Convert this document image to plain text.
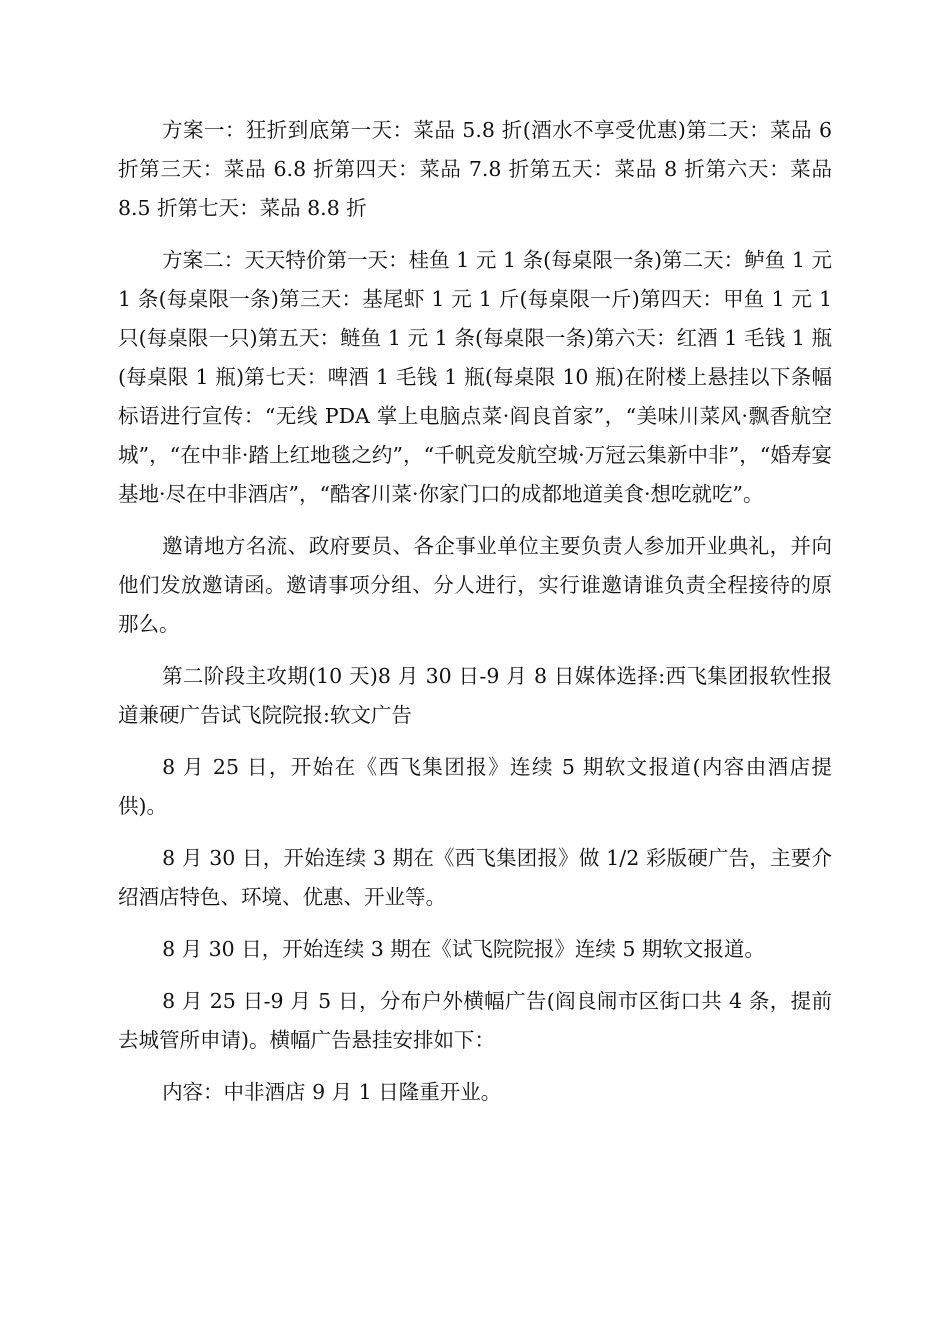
方案一：狂折到底第一天：菜品 5.8 折(酒水不享受优惠)第二天：菜品 6 折第三天：菜品 6.8 折第四天：菜品 7.8 折第五天：菜品 8 折第六天：菜品 8.5 折第七天：菜品 8.8 折

方案二：天天特价第一天：桂鱼 1 元 1 条(每桌限一条)第二天：鲈鱼 1 元 1 条(每桌限一条)第三天：基尾虾 1 元 1 斤(每桌限一斤)第四天：甲鱼 1 元 1 只(每桌限一只)第五天：鲢鱼 1 元 1 条(每桌限一条)第六天：红酒 1 毛钱 1 瓶(每桌限 1 瓶)第七天：啤酒 1 毛钱 1 瓶(每桌限 10 瓶)在附楼上悬挂以下条幅标语进行宣传：“无线 PDA 掌上电脑点菜·阎良首家”，“美味川菜风·飘香航空城”，“在中非·踏上红地毯之约”，“千帆竞发航空城·万冠云集新中非”，“婚寿宴基地·尽在中非酒店”，“酷客川菜·你家门口的成都地道美食·想吃就吃”。

邀请地方名流、政府要员、各企事业单位主要负责人参加开业典礼，并向他们发放邀请函。邀请事项分组、分人进行，实行谁邀请谁负责全程接待的原那么。

第二阶段主攻期(10 天)8 月 30 日-9 月 8 日媒体选择:西飞集团报软性报道兼硬广告试飞院院报:软文广告

8 月 25 日，开始在《西飞集团报》连续 5 期软文报道(内容由酒店提供)。

8 月 30 日，开始连续 3 期在《西飞集团报》做 1/2 彩版硬广告，主要介绍酒店特色、环境、优惠、开业等。

8 月 30 日，开始连续 3 期在《试飞院院报》连续 5 期软文报道。

8 月 25 日-9 月 5 日，分布户外横幅广告(阎良闹市区街口共 4 条，提前去城管所申请)。横幅广告悬挂安排如下：

内容：中非酒店 9 月 1 日隆重开业。
